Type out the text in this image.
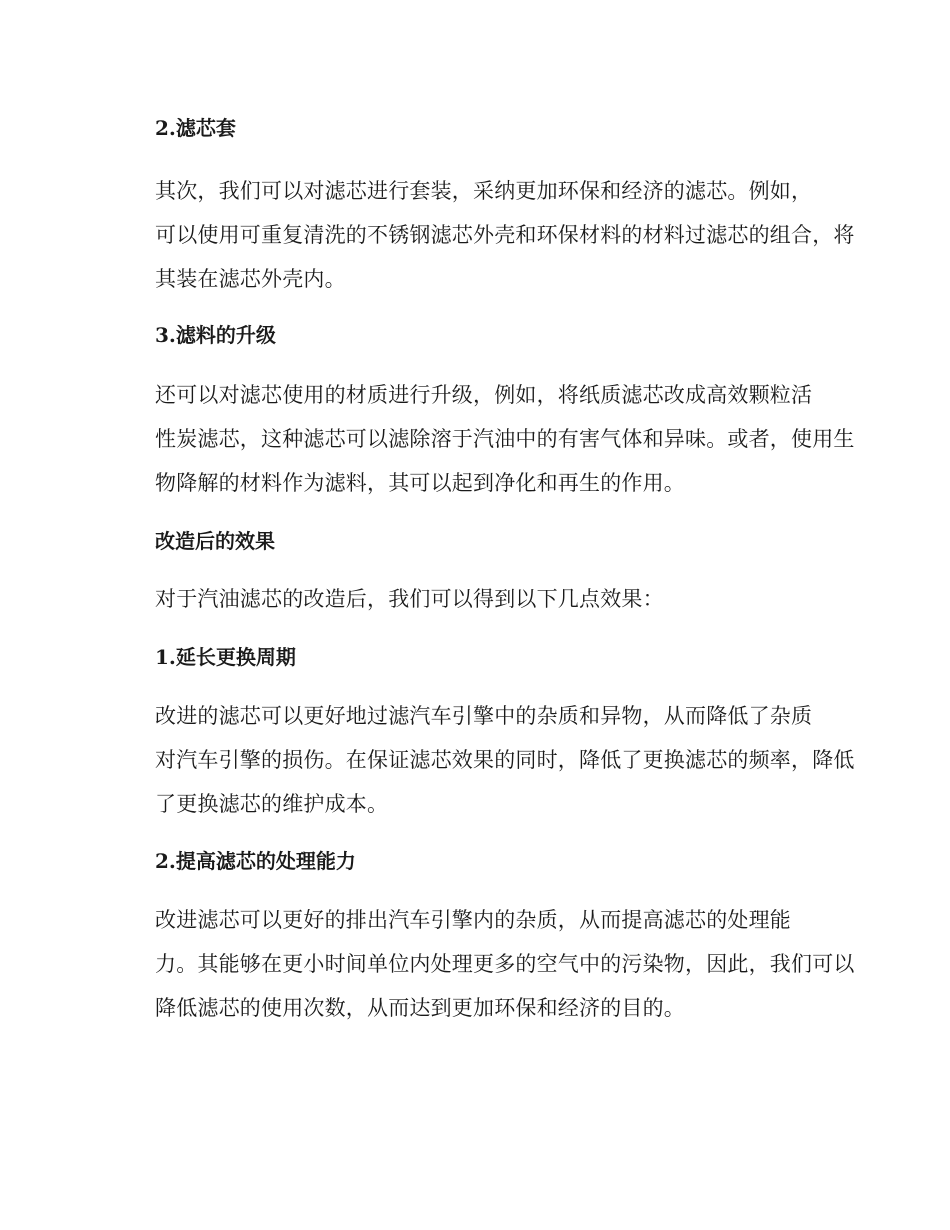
2.滤芯套

其次，我们可以对滤芯进行套装，采纳更加环保和经济的滤芯。例如，
可以使用可重复清洗的不锈钢滤芯外壳和环保材料的材料过滤芯的组合，将
其装在滤芯外壳内。

3.滤料的升级

还可以对滤芯使用的材质进行升级，例如，将纸质滤芯改成高效颗粒活
性炭滤芯，这种滤芯可以滤除溶于汽油中的有害气体和异味。或者，使用生
物降解的材料作为滤料，其可以起到净化和再生的作用。

改造后的效果

对于汽油滤芯的改造后，我们可以得到以下几点效果：

1.延长更换周期

改进的滤芯可以更好地过滤汽车引擎中的杂质和异物，从而降低了杂质
对汽车引擎的损伤。在保证滤芯效果的同时，降低了更换滤芯的频率，降低
了更换滤芯的维护成本。

2.提高滤芯的处理能力

改进滤芯可以更好的排出汽车引擎内的杂质，从而提高滤芯的处理能
力。其能够在更小时间单位内处理更多的空气中的污染物，因此，我们可以
降低滤芯的使用次数，从而达到更加环保和经济的目的。
